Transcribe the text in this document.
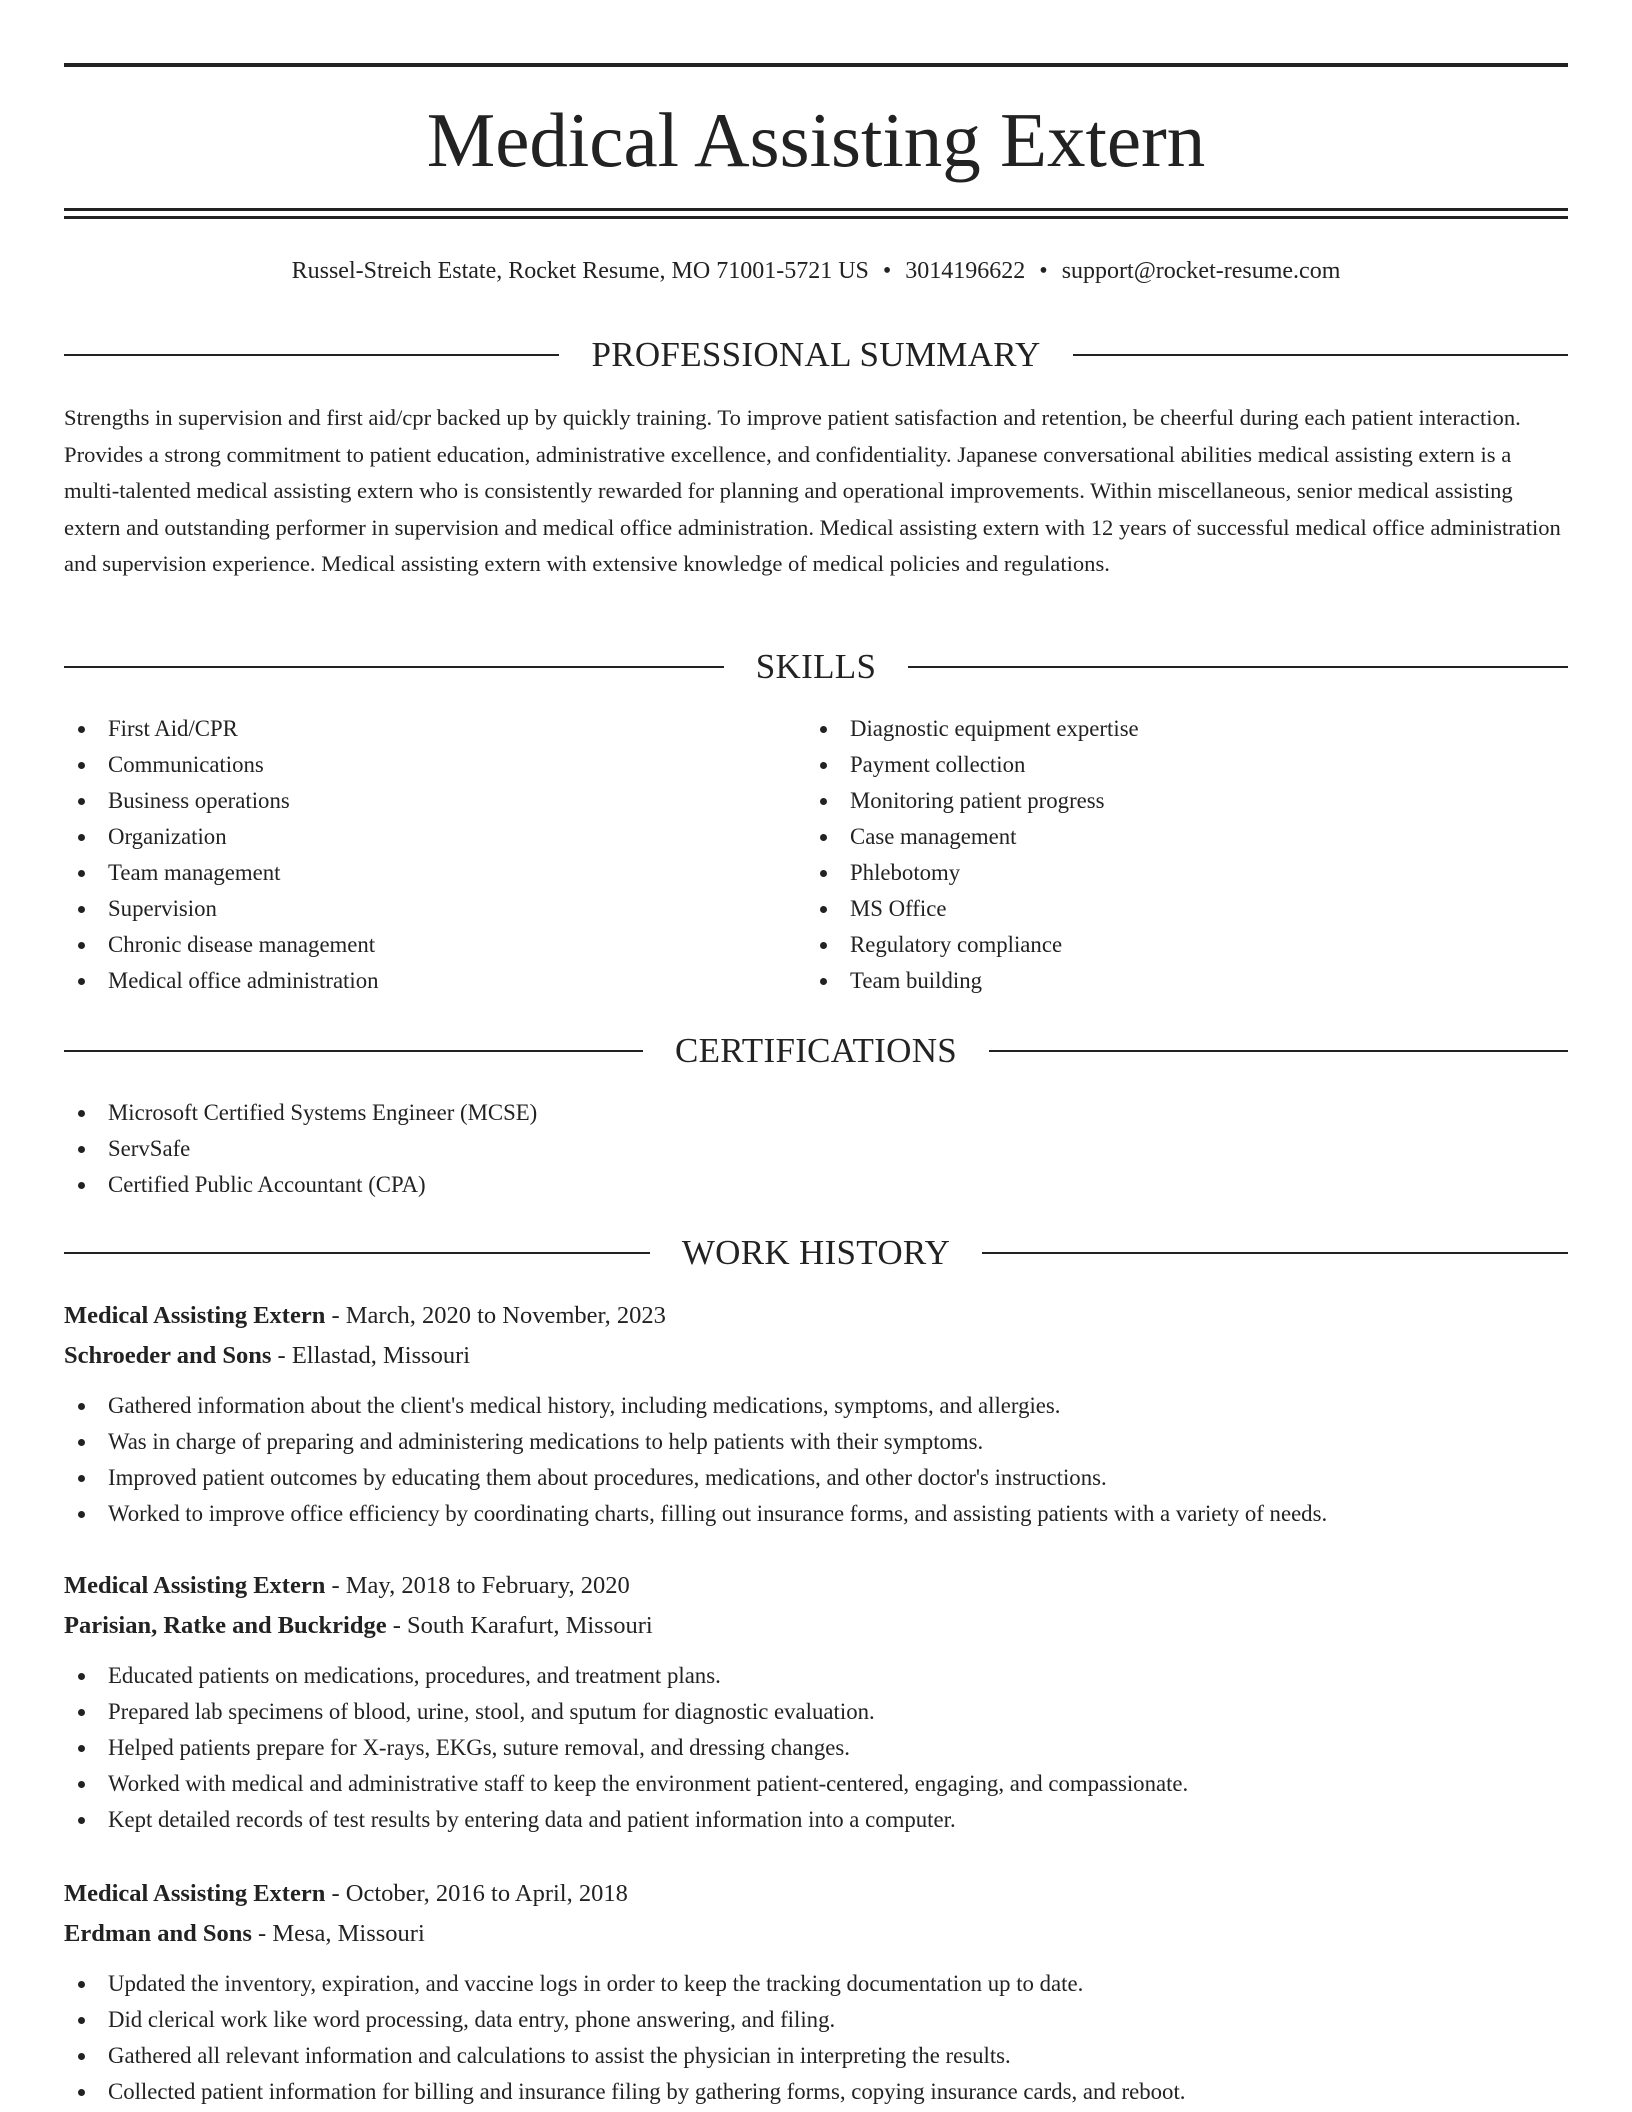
Medical Assisting Extern
Russel-Streich Estate, Rocket Resume, MO 71001-5721 US • 3014196622 • support@rocket-resume.com
PROFESSIONAL SUMMARY

Strengths in supervision and first aid/cpr backed up by quickly training. To improve patient satisfaction and retention, be cheerful during each patient interaction. Provides a strong commitment to patient education, administrative excellence, and confidentiality. Japanese conversational abilities medical assisting extern is a multi-talented medical assisting extern who is consistently rewarded for planning and operational improvements. Within miscellaneous, senior medical assisting extern and outstanding performer in supervision and medical office administration. Medical assisting extern with 12 years of successful medical office administration and supervision experience. Medical assisting extern with extensive knowledge of medical policies and regulations.

SKILLS
First Aid/CPR
Communications
Business operations
Organization
Team management
Supervision
Chronic disease management
Medical office administration
Diagnostic equipment expertise
Payment collection
Monitoring patient progress
Case management
Phlebotomy
MS Office
Regulatory compliance
Team building
CERTIFICATIONS
Microsoft Certified Systems Engineer (MCSE)
ServSafe
Certified Public Accountant (CPA)
WORK HISTORY
Medical Assisting Extern - March, 2020 to November, 2023
Schroeder and Sons - Ellastad, Missouri
Gathered information about the client's medical history, including medications, symptoms, and allergies.
Was in charge of preparing and administering medications to help patients with their symptoms.
Improved patient outcomes by educating them about procedures, medications, and other doctor's instructions.
Worked to improve office efficiency by coordinating charts, filling out insurance forms, and assisting patients with a variety of needs.
Medical Assisting Extern - May, 2018 to February, 2020
Parisian, Ratke and Buckridge - South Karafurt, Missouri
Educated patients on medications, procedures, and treatment plans.
Prepared lab specimens of blood, urine, stool, and sputum for diagnostic evaluation.
Helped patients prepare for X-rays, EKGs, suture removal, and dressing changes.
Worked with medical and administrative staff to keep the environment patient-centered, engaging, and compassionate.
Kept detailed records of test results by entering data and patient information into a computer.
Medical Assisting Extern - October, 2016 to April, 2018
Erdman and Sons - Mesa, Missouri
Updated the inventory, expiration, and vaccine logs in order to keep the tracking documentation up to date.
Did clerical work like word processing, data entry, phone answering, and filing.
Gathered all relevant information and calculations to assist the physician in interpreting the results.
Collected patient information for billing and insurance filing by gathering forms, copying insurance cards, and reboot.
